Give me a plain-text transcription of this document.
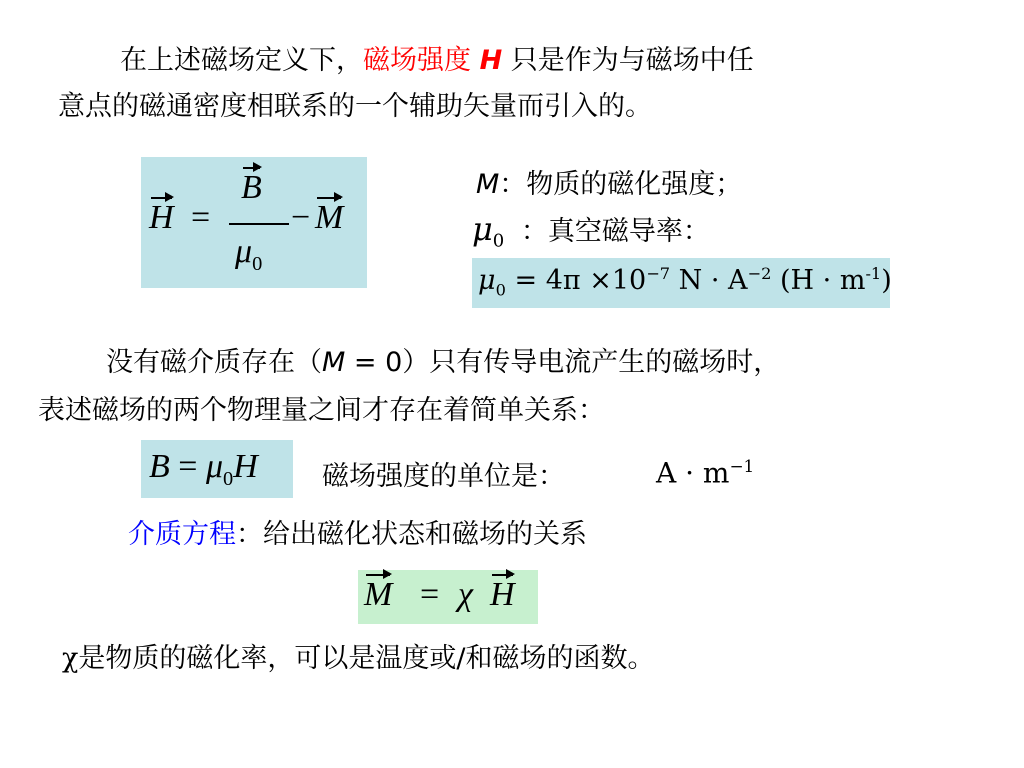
在上述磁场定义下，磁场强度 H 只是作为与磁场中任
意点的磁通密度相联系的一个辅助矢量而引入的。
H =
B
$\mu_0$
− M
M：物质的磁化强度；
$\mu_0$ ：真空磁导率：
$\mu_0 = 4\pi \times 10^{-7}$ $N \cdot A^{-2}$ $(H \cdot m^{-1})$
没有磁介质存在（M = 0）只有传导电流产生的磁场时，
表述磁场的两个物理量之间才存在着简单关系：
$B = \mu_0H$ 磁场强度的单位是：	$A \cdot m^{-1}$
介质方程：给出磁化状态和磁场的关系
M = χ H
χ是物质的磁化率，可以是温度或/和磁场的函数。
